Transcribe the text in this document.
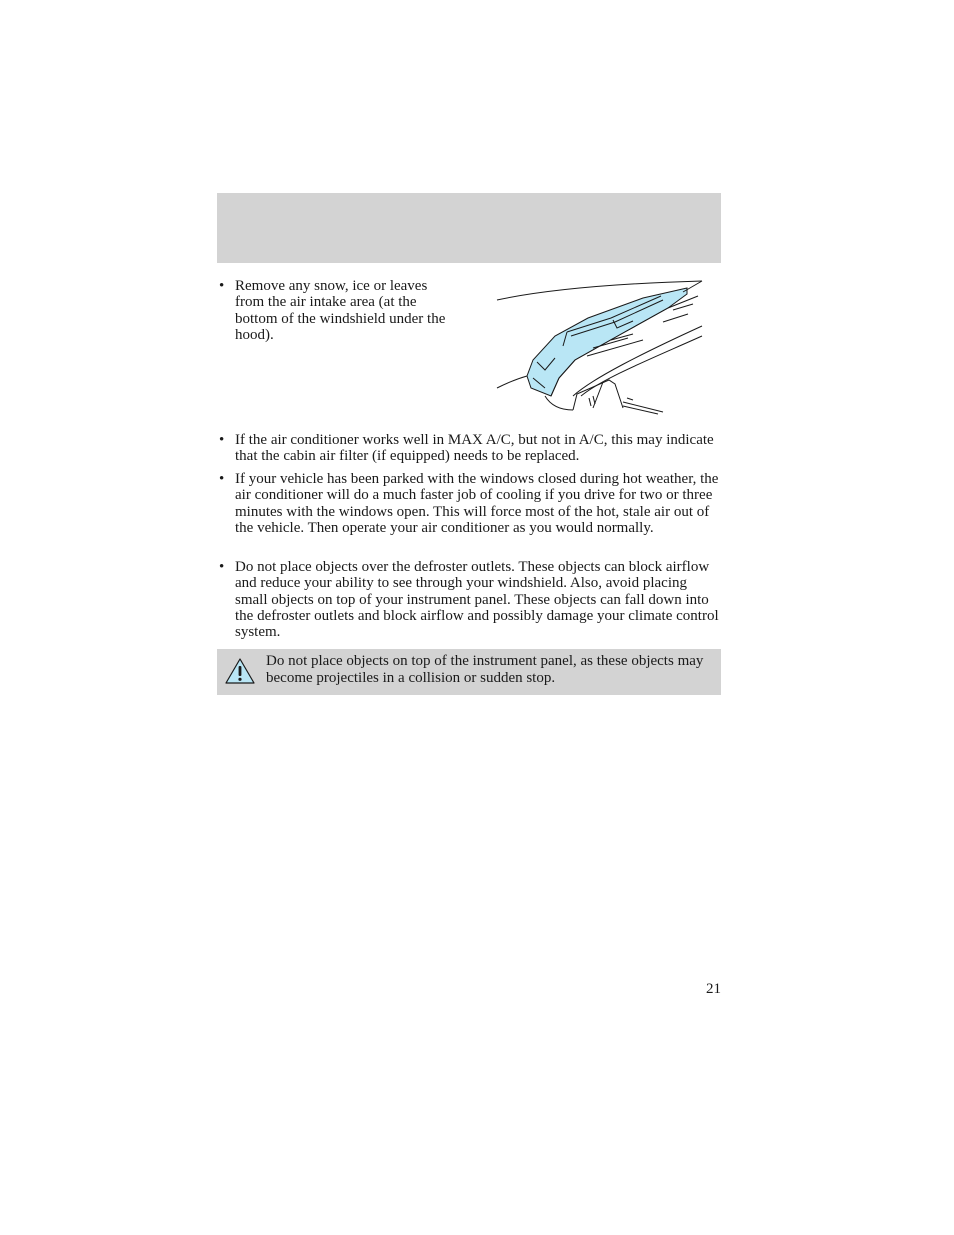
• Remove any snow, ice or leaves from the air intake area (at the bottom of the windshield under the hood).
• If the air conditioner works well in MAX A/C, but not in A/C, this may indicate that the cabin air filter (if equipped) needs to be replaced.
• If your vehicle has been parked with the windows closed during hot weather, the air conditioner will do a much faster job of cooling if you drive for two or three minutes with the windows open. This will force most of the hot, stale air out of the vehicle. Then operate your air conditioner as you would normally.
• Do not place objects over the defroster outlets. These objects can block airflow and reduce your ability to see through your windshield. Also, avoid placing small objects on top of your instrument panel. These objects can fall down into the defroster outlets and block airflow and possibly damage your climate control system.
Do not place objects on top of the instrument panel, as these objects may become projectiles in a collision or sudden stop.
21
